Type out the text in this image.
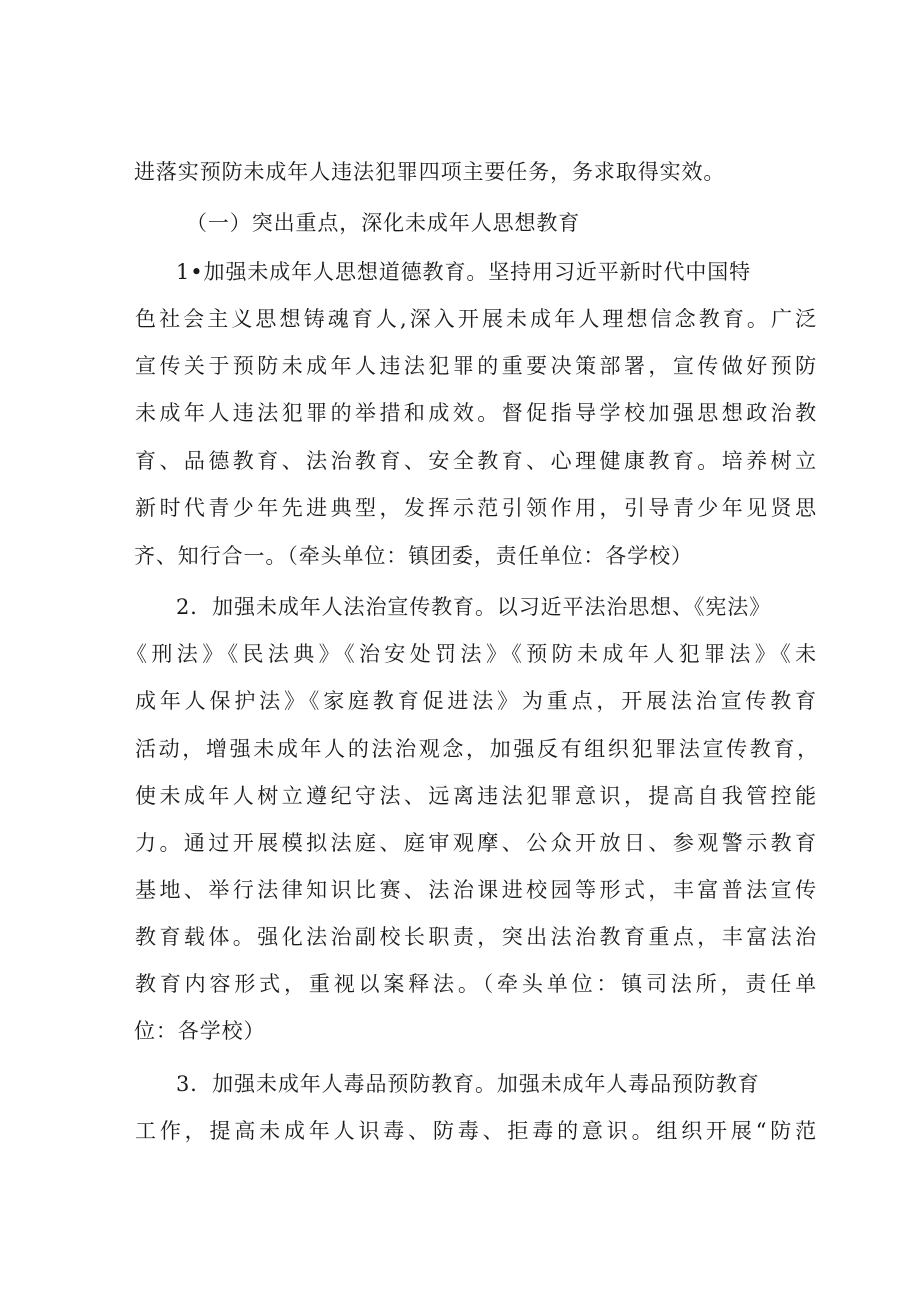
进落实预防未成年人违法犯罪四项主要任务，务求取得实效。
（一）突出重点，深化未成年人思想教育
1•加强未成年人思想道德教育。坚持用习近平新时代中国特
色社会主义思想铸魂育人,深入开展未成年人理想信念教育。广泛
宣传关于预防未成年人违法犯罪的重要决策部署，宣传做好预防
未成年人违法犯罪的举措和成效。督促指导学校加强思想政治教
育、品德教育、法治教育、安全教育、心理健康教育。培养树立
新时代青少年先进典型，发挥示范引领作用，引导青少年见贤思
齐、知行合一。（牵头单位：镇团委，责任单位：各学校）
2．加强未成年人法治宣传教育。以习近平法治思想、《宪法》
《刑法》《民法典》《治安处罚法》《预防未成年人犯罪法》《未
成年人保护法》《家庭教育促进法》为重点，开展法治宣传教育
活动，增强未成年人的法治观念，加强反有组织犯罪法宣传教育，
使未成年人树立遵纪守法、远离违法犯罪意识，提高自我管控能
力。通过开展模拟法庭、庭审观摩、公众开放日、参观警示教育
基地、举行法律知识比赛、法治课进校园等形式，丰富普法宣传
教育载体。强化法治副校长职责，突出法治教育重点，丰富法治
教育内容形式，重视以案释法。（牵头单位：镇司法所，责任单
位：各学校）
3．加强未成年人毒品预防教育。加强未成年人毒品预防教育
工作，提高未成年人识毒、防毒、拒毒的意识。组织开展“防范
